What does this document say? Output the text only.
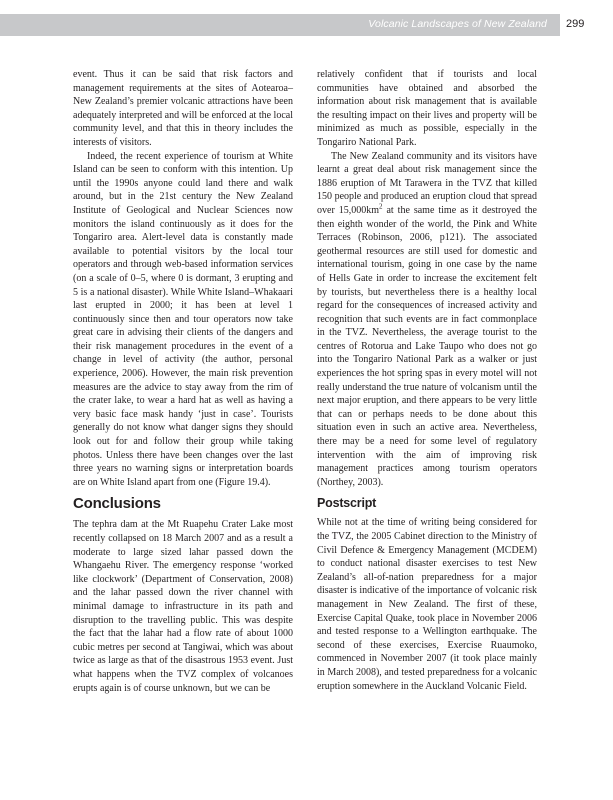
Volcanic Landscapes of New Zealand 299

event. Thus it can be said that risk factors and management requirements at the sites of Aotearoa–New Zealand’s premier volcanic attractions have been adequately interpreted and will be enforced at the local community level, and that this in theory includes the interests of visitors.

Indeed, the recent experience of tourism at White Island can be seen to conform with this intention. Up until the 1990s anyone could land there and walk around, but in the 21st century the New Zealand Institute of Geological and Nuclear Sciences now monitors the island continuously as it does for the Tongariro area. Alert-level data is constantly made available to potential visitors by the local tour operators and through web-based information services (on a scale of 0–5, where 0 is dormant, 3 erupting and 5 is a national disaster). While White Island–Whakaari last erupted in 2000; it has been at level 1 continuously since then and tour operators now take great care in advising their clients of the dangers and their risk management procedures in the event of a change in level of activity (the author, personal experience, 2006). However, the main risk prevention measures are the advice to stay away from the rim of the crater lake, to wear a hard hat as well as having a very basic face mask handy ‘just in case’. Tourists generally do not know what danger signs they should look out for and follow their group while taking photos. Unless there have been changes over the last three years no warning signs or interpretation boards are on White Island apart from one (Figure 19.4).

Conclusions

The tephra dam at the Mt Ruapehu Crater Lake most recently collapsed on 18 March 2007 and as a result a moderate to large sized lahar passed down the Whangaehu River. The emergency response ‘worked like clockwork’ (Department of Conservation, 2008) and the lahar passed down the river channel with minimal damage to infrastructure in its path and disruption to the travelling public. This was despite the fact that the lahar had a flow rate of about 1000 cubic metres per second at Tangiwai, which was about twice as large as that of the disastrous 1953 event. Just what happens when the TVZ complex of volcanoes erupts again is of course unknown, but we can be

relatively confident that if tourists and local communities have obtained and absorbed the information about risk management that is available the resulting impact on their lives and property will be minimized as much as possible, especially in the Tongariro National Park.

The New Zealand community and its visitors have learnt a great deal about risk management since the 1886 eruption of Mt Tarawera in the TVZ that killed 150 people and produced an eruption cloud that spread over $15,000km^2$ at the same time as it destroyed the then eighth wonder of the world, the Pink and White Terraces (Robinson, 2006, p121). The associated geothermal resources are still used for domestic and international tourism, going in one case by the name of Hells Gate in order to increase the excitement felt by tourists, but nevertheless there is a healthy local regard for the consequences of increased activity and recognition that such events are in fact commonplace in the TVZ. Nevertheless, the average tourist to the centres of Rotorua and Lake Taupo who does not go into the Tongariro National Park as a walker or just experiences the hot spring spas in every motel will not really understand the true nature of volcanism until the next major eruption, and there appears to be very little that can or perhaps needs to be done about this situation even in such an active area. Nevertheless, there may be a need for some level of regulatory intervention with the aim of improving risk management practices among tourism operators (Northey, 2003).

Postscript

While not at the time of writing being considered for the TVZ, the 2005 Cabinet direction to the Ministry of Civil Defence & Emergency Management (MCDEM) to conduct national disaster exercises to test New Zealand’s all-of-nation preparedness for a major disaster is indicative of the importance of volcanic risk management in New Zealand. The first of these, Exercise Capital Quake, took place in November 2006 and tested response to a Wellington earthquake. The second of these exercises, Exercise Ruaumoko, commenced in November 2007 (it took place mainly in March 2008), and tested preparedness for a volcanic eruption somewhere in the Auckland Volcanic Field.
